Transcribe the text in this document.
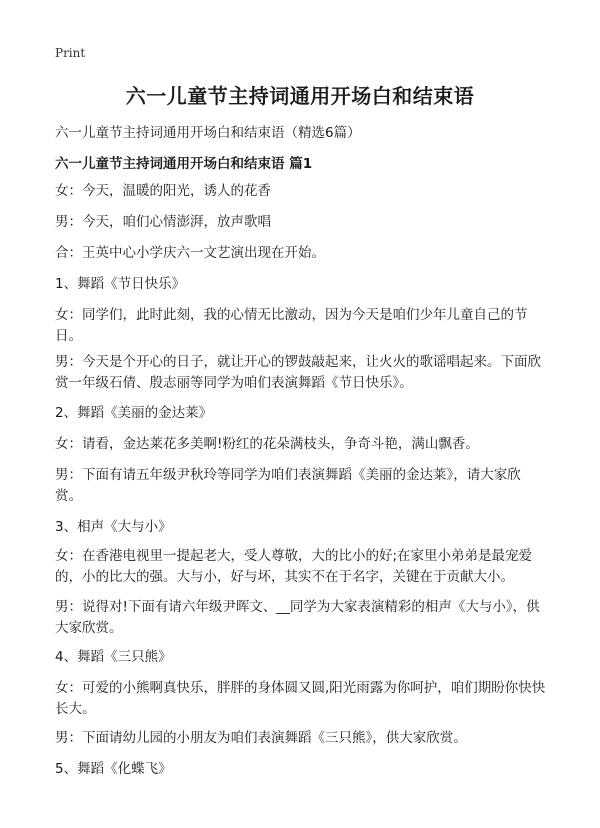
Print
六一儿童节主持词通用开场白和结束语
六一儿童节主持词通用开场白和结束语（精选6篇）
六一儿童节主持词通用开场白和结束语 篇1

女：今天，温暖的阳光，诱人的花香

男：今天，咱们心情澎湃，放声歌唱

合：王英中心小学庆六一文艺演出现在开始。

1、舞蹈《节日快乐》

女：同学们，此时此刻，我的心情无比激动，因为今天是咱们少年儿童自己的节日。

男：今天是个开心的日子，就让开心的锣鼓敲起来，让火火的歌谣唱起来。下面欣赏一年级石倩、殷志丽等同学为咱们表演舞蹈《节日快乐》。

2、舞蹈《美丽的金达莱》

女：请看，金达莱花多美啊!粉红的花朵满枝头，争奇斗艳，满山飘香。

男：下面有请五年级尹秋玲等同学为咱们表演舞蹈《美丽的金达莱》，请大家欣赏。

3、相声《大与小》

女：在香港电视里一提起老大，受人尊敬，大的比小的好;在家里小弟弟是最宠爱的，小的比大的强。大与小，好与坏，其实不在于名字，关键在于贡献大小。

男：说得对!下面有请六年级尹晖文、__同学为大家表演精彩的相声《大与小》，供大家欣赏。

4、舞蹈《三只熊》

女：可爱的小熊啊真快乐，胖胖的身体圆又圆,阳光雨露为你呵护，咱们期盼你快快长大。

男：下面请幼儿园的小朋友为咱们表演舞蹈《三只熊》，供大家欣赏。

5、舞蹈《化蝶飞》
